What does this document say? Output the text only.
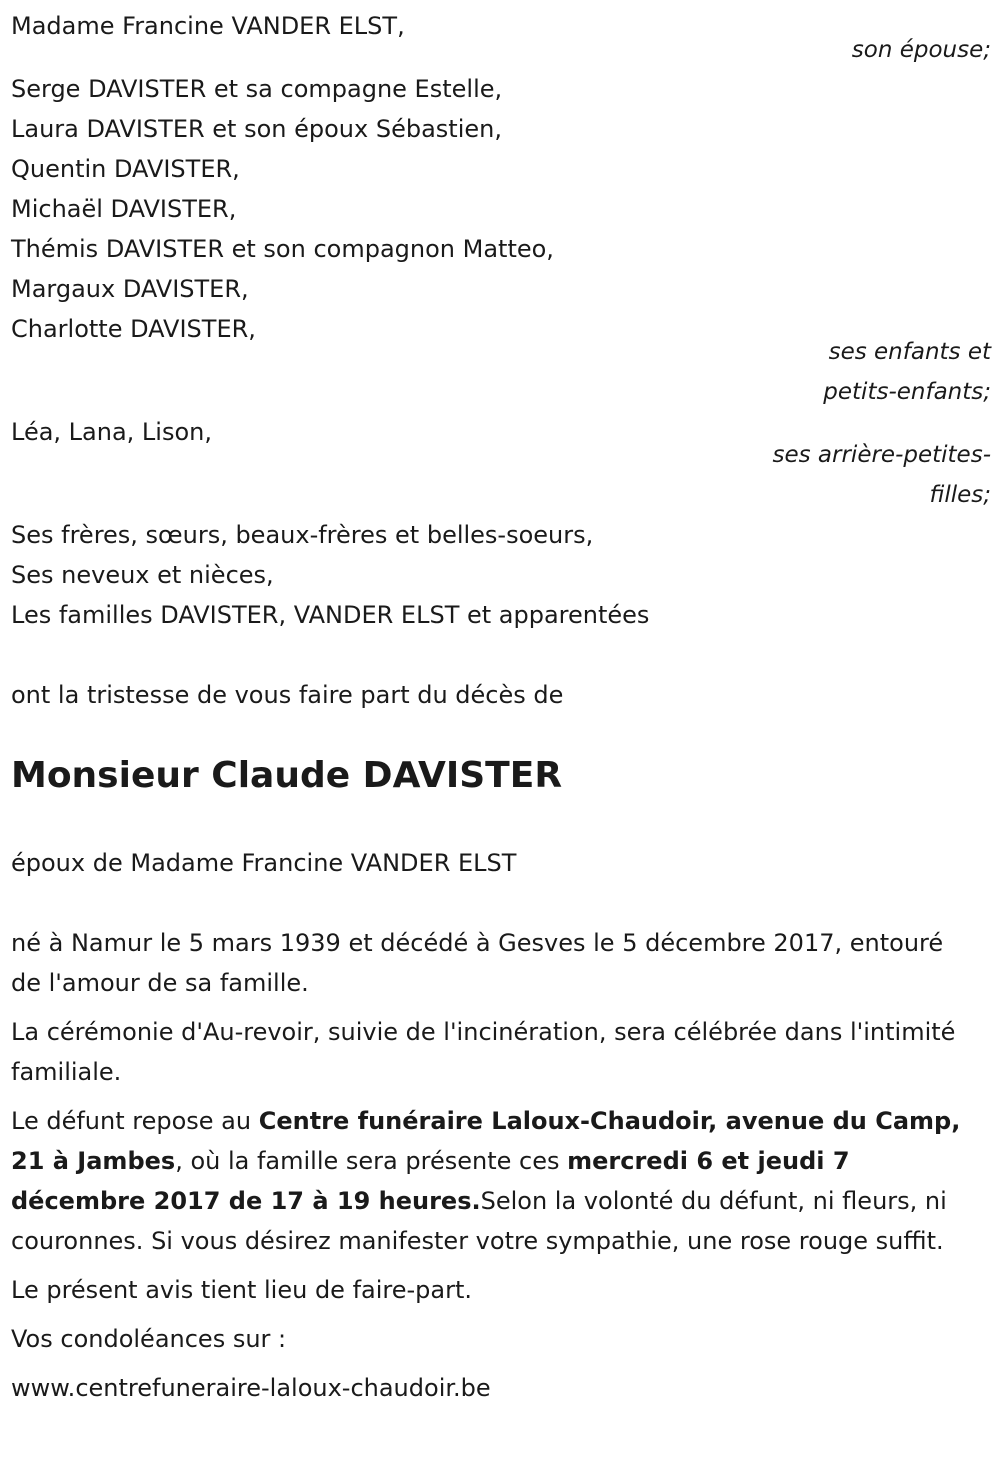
Madame Francine VANDER ELST,
son épouse;
Serge DAVISTER et sa compagne Estelle,
Laura DAVISTER et son époux Sébastien,
Quentin DAVISTER,
Michaël DAVISTER,
Thémis DAVISTER et son compagnon Matteo,
Margaux DAVISTER,
Charlotte DAVISTER,
ses enfants et
petits-enfants;
Léa, Lana, Lison,
ses arrière-petites-
filles;
Ses frères, sœurs, beaux-frères et belles-soeurs,
Ses neveux et nièces,
Les familles DAVISTER, VANDER ELST et apparentées
ont la tristesse de vous faire part du décès de
Monsieur Claude DAVISTER
époux de Madame Francine VANDER ELST

né à Namur le 5 mars 1939 et décédé à Gesves le 5 décembre 2017, entouré de l'amour de sa famille.

La cérémonie d'Au-revoir, suivie de l'incinération, sera célébrée dans l'intimité familiale.

Le défunt repose au Centre funéraire Laloux-Chaudoir, avenue du Camp, 21 à Jambes, où la famille sera présente ces mercredi 6 et jeudi 7 décembre 2017 de 17 à 19 heures.Selon la volonté du défunt, ni fleurs, ni couronnes. Si vous désirez manifester votre sympathie, une rose rouge suffit.

Le présent avis tient lieu de faire-part.

Vos condoléances sur :

www.centrefuneraire-laloux-chaudoir.be
